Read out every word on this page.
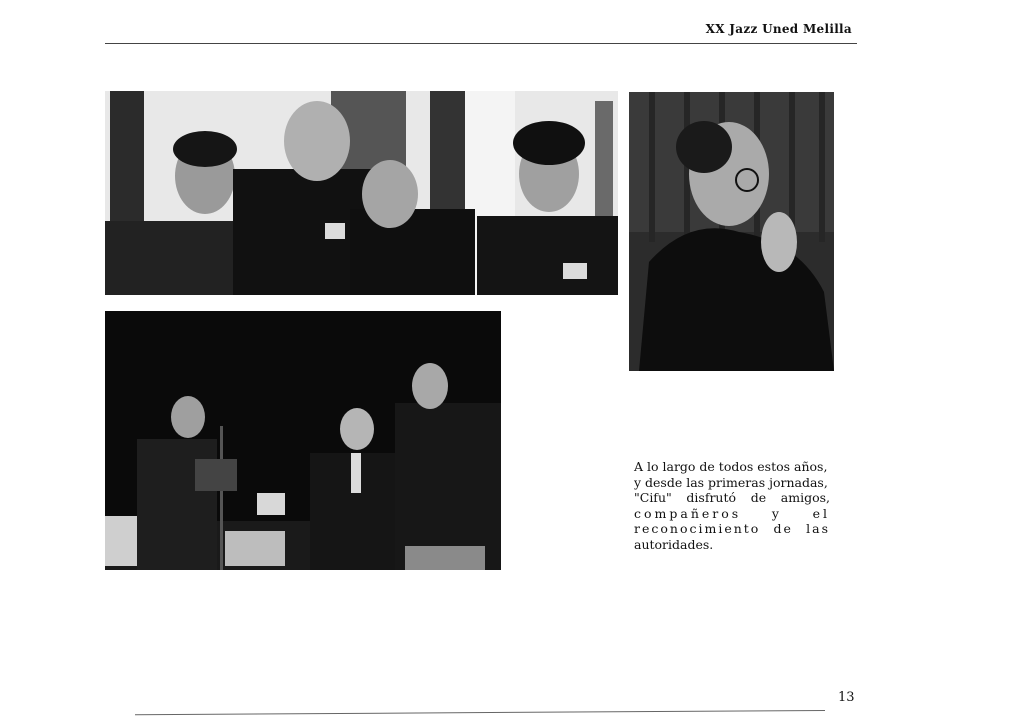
XX Jazz Uned Melilla
A lo largo de todos estos años,
y desde las primeras jornadas,
"Cifu" disfrutó de amigos,
compañeros y el
reconocimiento de las
autoridades.
13
